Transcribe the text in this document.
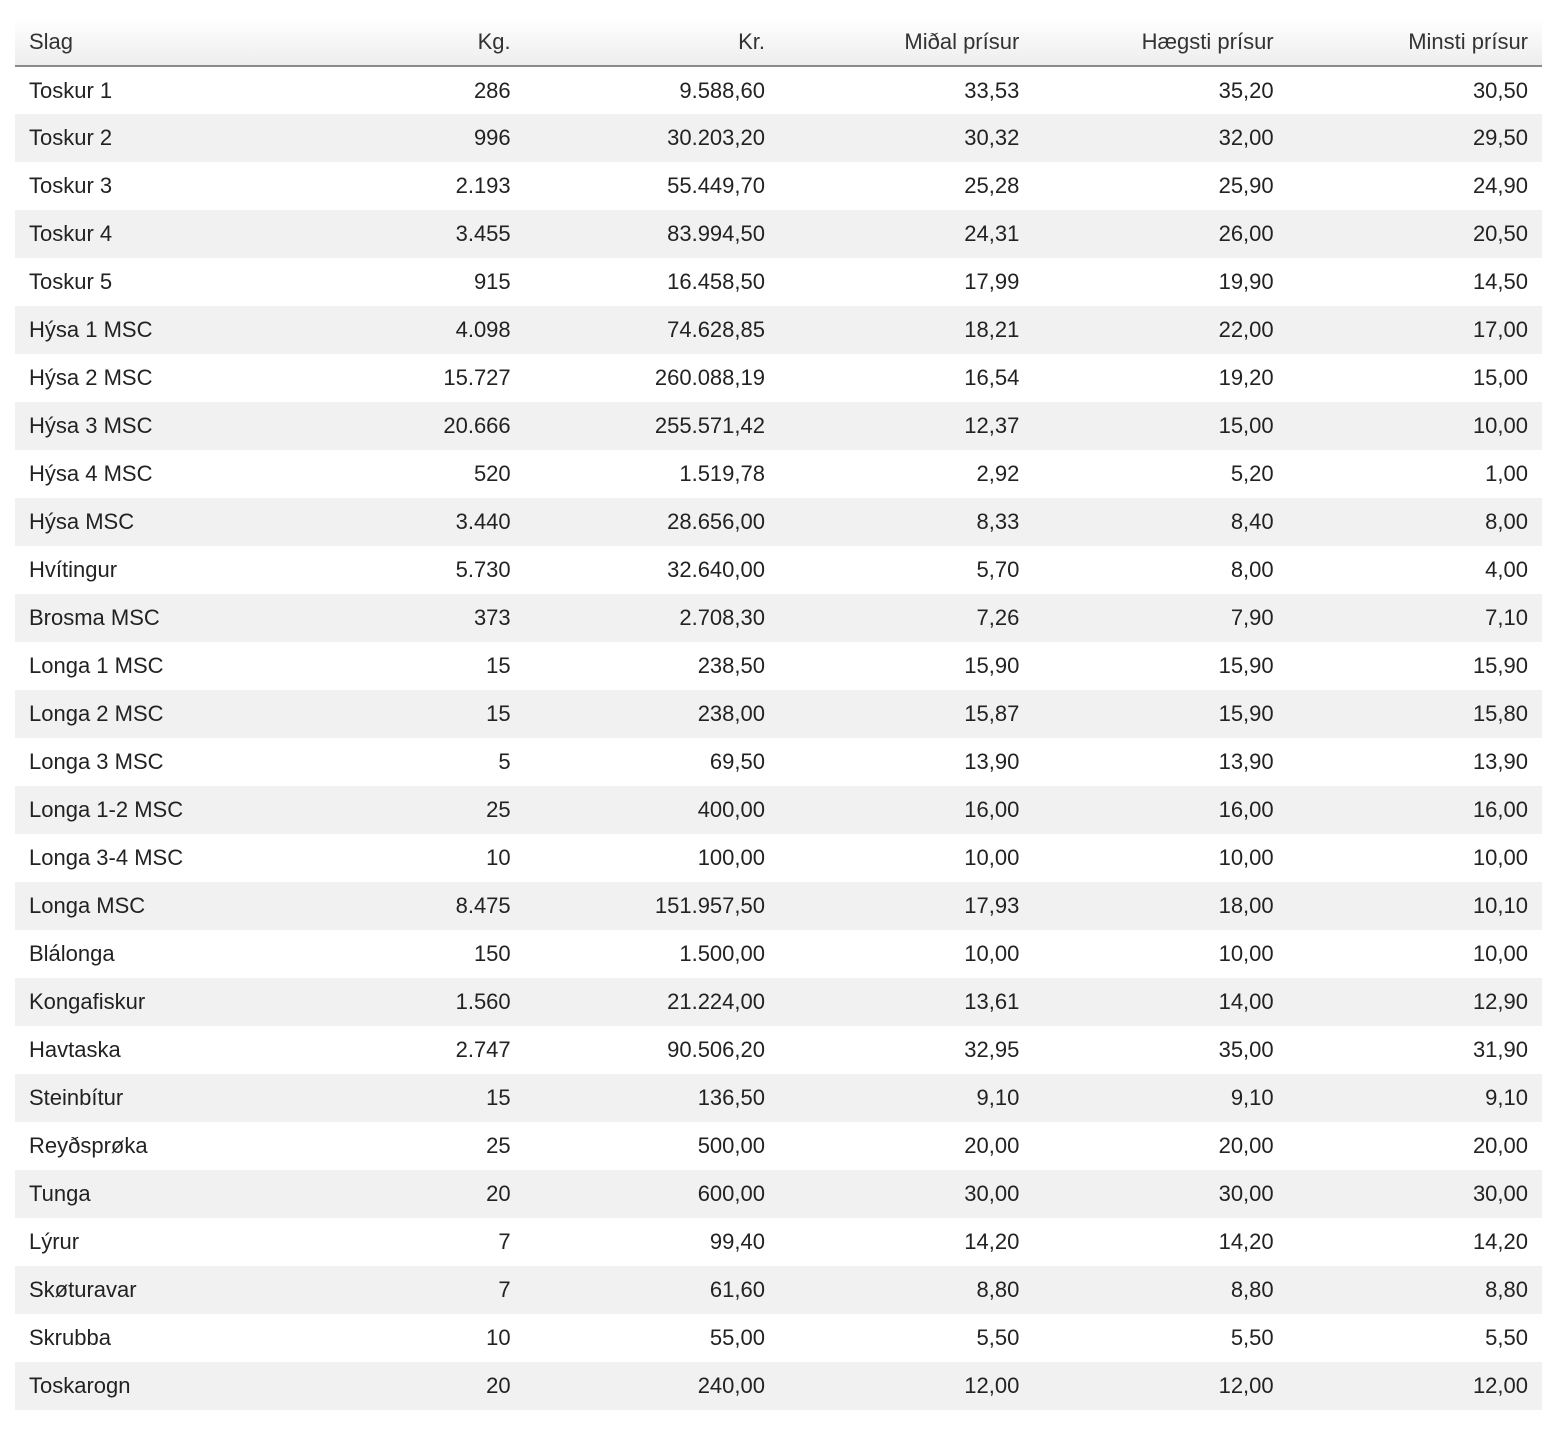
Slag	Kg.	Kr.	Miðal prísur	Hægsti prísur	Minsti prísur
Toskur 1	286	9.588,60	33,53	35,20	30,50
Toskur 2	996	30.203,20	30,32	32,00	29,50
Toskur 3	2.193	55.449,70	25,28	25,90	24,90
Toskur 4	3.455	83.994,50	24,31	26,00	20,50
Toskur 5	915	16.458,50	17,99	19,90	14,50
Hýsa 1 MSC	4.098	74.628,85	18,21	22,00	17,00
Hýsa 2 MSC	15.727	260.088,19	16,54	19,20	15,00
Hýsa 3 MSC	20.666	255.571,42	12,37	15,00	10,00
Hýsa 4 MSC	520	1.519,78	2,92	5,20	1,00
Hýsa MSC	3.440	28.656,00	8,33	8,40	8,00
Hvítingur	5.730	32.640,00	5,70	8,00	4,00
Brosma MSC	373	2.708,30	7,26	7,90	7,10
Longa 1 MSC	15	238,50	15,90	15,90	15,90
Longa 2 MSC	15	238,00	15,87	15,90	15,80
Longa 3 MSC	5	69,50	13,90	13,90	13,90
Longa 1-2 MSC	25	400,00	16,00	16,00	16,00
Longa 3-4 MSC	10	100,00	10,00	10,00	10,00
Longa MSC	8.475	151.957,50	17,93	18,00	10,10
Blálonga	150	1.500,00	10,00	10,00	10,00
Kongafiskur	1.560	21.224,00	13,61	14,00	12,90
Havtaska	2.747	90.506,20	32,95	35,00	31,90
Steinbítur	15	136,50	9,10	9,10	9,10
Reyðsprøka	25	500,00	20,00	20,00	20,00
Tunga	20	600,00	30,00	30,00	30,00
Lýrur	7	99,40	14,20	14,20	14,20
Skøturavar	7	61,60	8,80	8,80	8,80
Skrubba	10	55,00	5,50	5,50	5,50
Toskarogn	20	240,00	12,00	12,00	12,00
